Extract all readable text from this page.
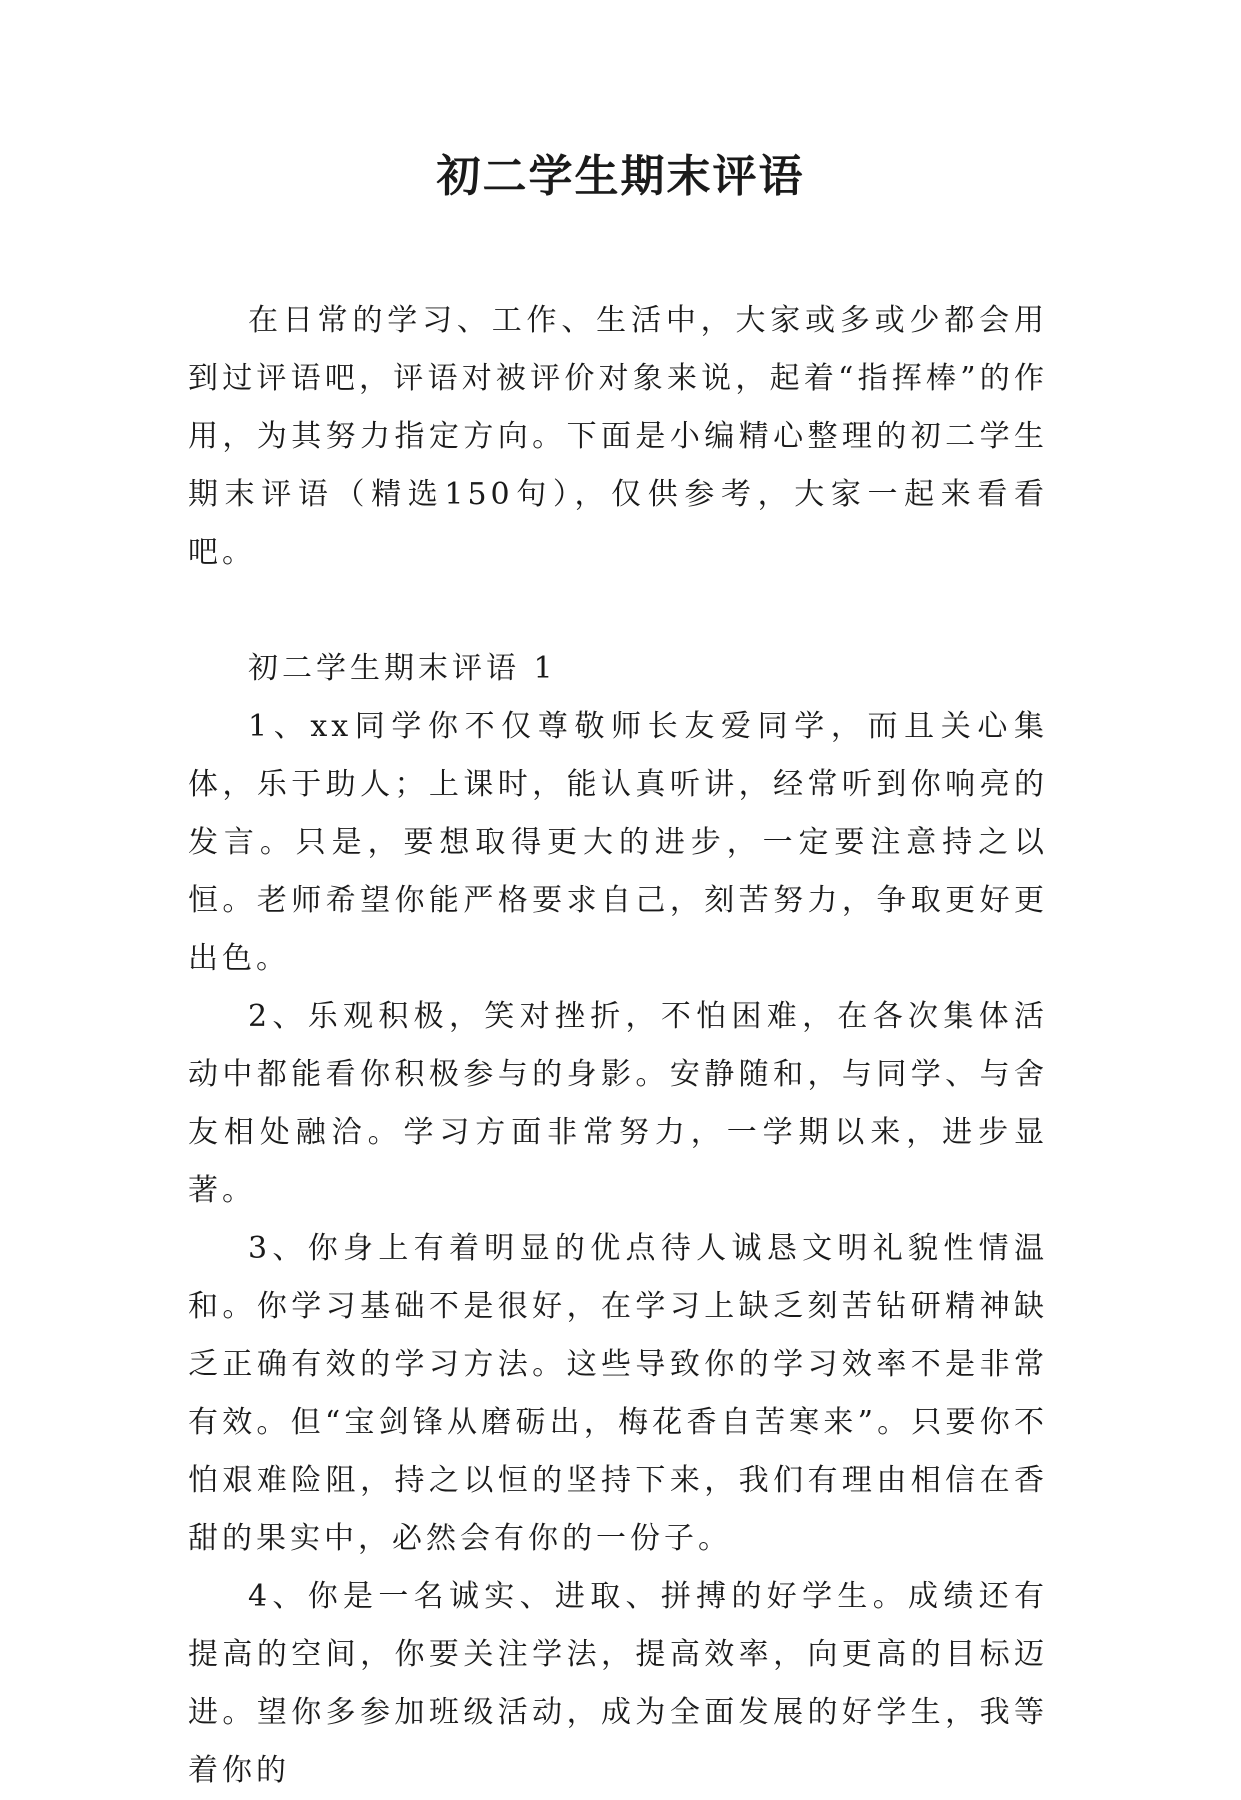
初二学生期末评语

在日常的学习、工作、生活中，大家或多或少都会用到过评语吧，评语对被评价对象来说，起着“指挥棒”的作用，为其努力指定方向。下面是小编精心整理的初二学生期末评语（精选150句），仅供参考，大家一起来看看吧。

初二学生期末评语 1

1、xx同学你不仅尊敬师长友爱同学，而且关心集体，乐于助人；上课时，能认真听讲，经常听到你响亮的发言。只是，要想取得更大的进步，一定要注意持之以恒。老师希望你能严格要求自己，刻苦努力，争取更好更出色。

2、乐观积极，笑对挫折，不怕困难，在各次集体活动中都能看你积极参与的身影。安静随和，与同学、与舍友相处融洽。学习方面非常努力，一学期以来，进步显著。

3、你身上有着明显的优点待人诚恳文明礼貌性情温和。你学习基础不是很好，在学习上缺乏刻苦钻研精神缺乏正确有效的学习方法。这些导致你的学习效率不是非常有效。但“宝剑锋从磨砺出，梅花香自苦寒来”。只要你不怕艰难险阻，持之以恒的坚持下来，我们有理由相信在香甜的果实中，必然会有你的一份子。

4、你是一名诚实、进取、拼搏的好学生。成绩还有提高的空间，你要关注学法，提高效率，向更高的目标迈进。望你多参加班级活动，成为全面发展的好学生，我等着你的
